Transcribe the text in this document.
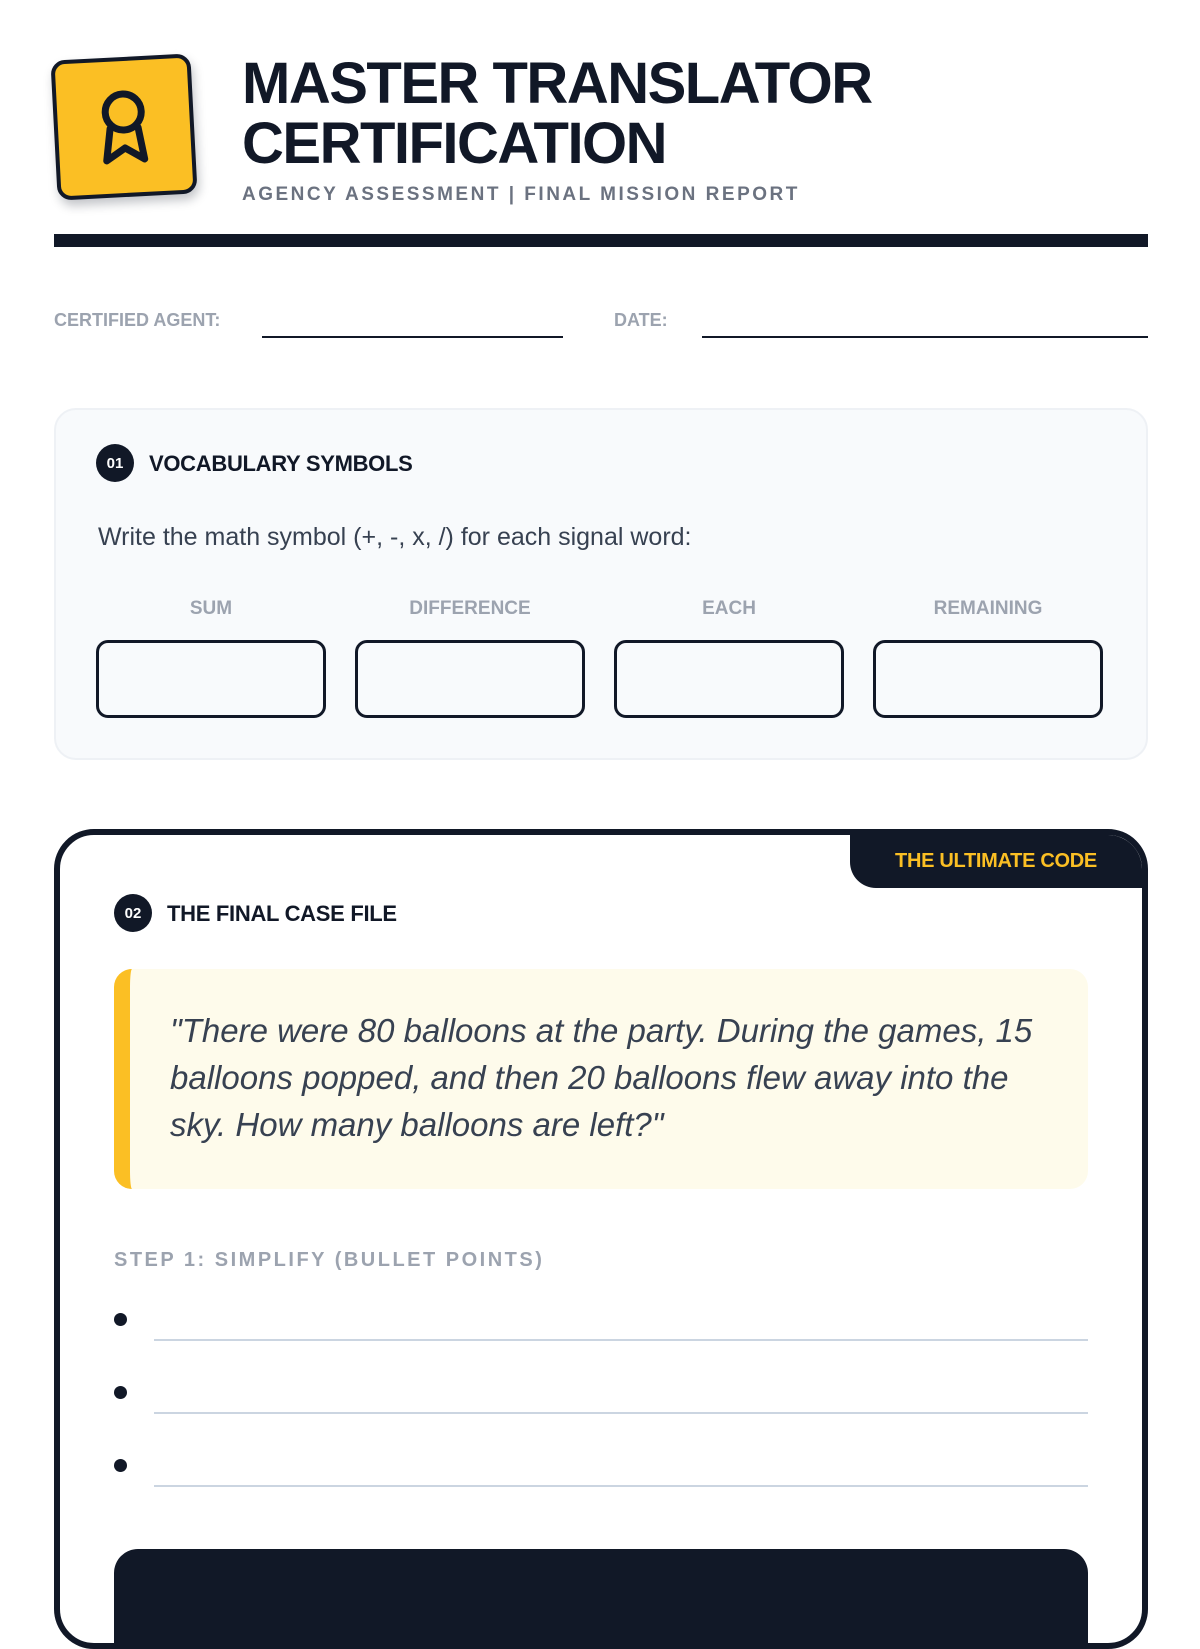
MASTER TRANSLATOR
CERTIFICATION
AGENCY ASSESSMENT | FINAL MISSION REPORT
CERTIFIED AGENT:	DATE:
01	VOCABULARY SYMBOLS
Write the math symbol (+, -, x, /) for each signal word:
SUM	DIFFERENCE	EACH	REMAINING
THE ULTIMATE CODE
02	THE FINAL CASE FILE
"There were 80 balloons at the party. During the games, 15 balloons popped, and then 20 balloons flew away into the sky. How many balloons are left?"
STEP 1: SIMPLIFY (BULLET POINTS)
